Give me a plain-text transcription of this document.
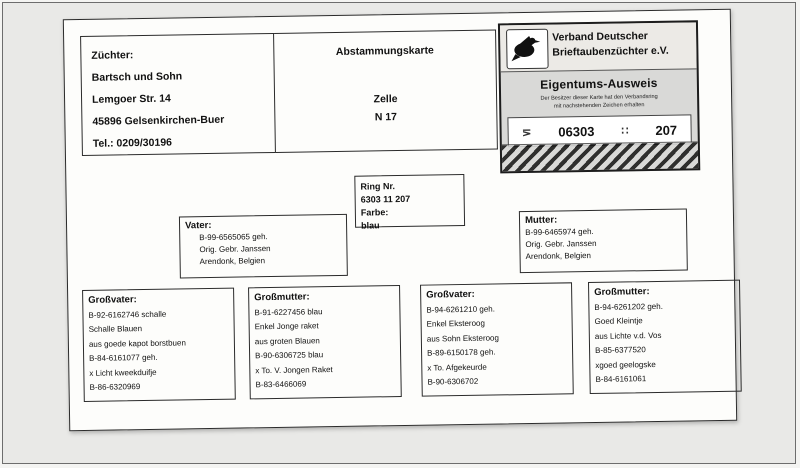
Züchter:
Bartsch und Sohn
Lemgoer Str. 14
45896 Gelsenkirchen-Buer
Tel.: 0209/30196
Abstammungskarte
Zelle
N 17
Verband Deutscher
Brieftaubenzüchter e.V.
Eigentums-Ausweis
Der Besitzer dieser Karte hat den Verbandsring
mit nachstehenden Zeichen erhalten
⋝ 06303 ∷ 207
Ring Nr.
6303 11 207
Farbe:
blau
Vater:
B-99-6565065 geh.
Orig. Gebr. Janssen
Arendonk, Belgien
Mutter:
B-99-6465974 geh.
Orig. Gebr. Janssen
Arendonk, Belgien
Großvater:
B-92-6162746 schalle
Schalle Blauen
aus goede kapot borstbuen
B-84-6161077 geh.
x Licht kweekduifje
B-86-6320969
Großmutter:
B-91-6227456 blau
Enkel Jonge raket
aus groten Blauen
B-90-6306725 blau
x To. V. Jongen Raket
B-83-6466069
Großvater:
B-94-6261210 geh.
Enkel Eksteroog
aus Sohn Eksteroog
B-89-6150178 geh.
x To. Afgekeurde
B-90-6306702
Großmutter:
B-94-6261202 geh.
Goed Kleintje
aus Lichte v.d. Vos
B-85-6377520
xgoed geelogske
B-84-6161061
